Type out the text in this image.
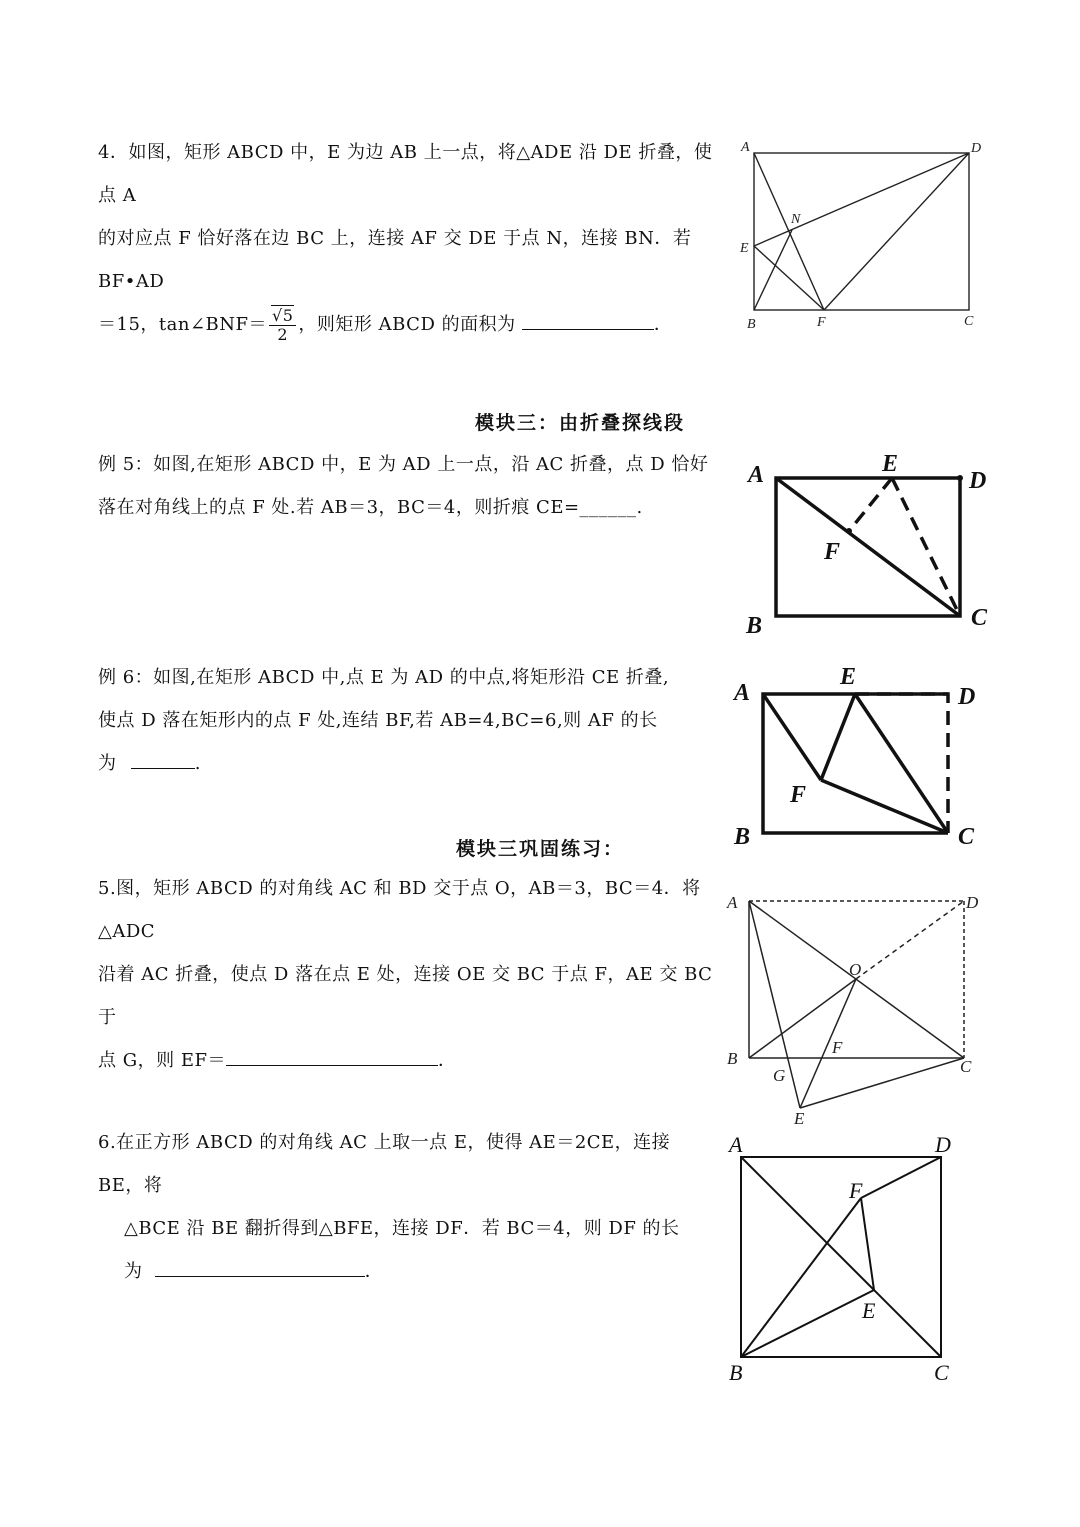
4．如图，矩形 ABCD 中，E 为边 AB 上一点，将△ADE 沿 DE 折叠，使点 A
的对应点 F 恰好落在边 BC 上，连接 AF 交 DE 于点 N，连接 BN．若 BF•AD
＝15，tan∠BNF＝ $\frac{√5}{2}$ ，则矩形 ABCD 的面积为	．
A	D
N
E
B	F	C
模块三：由折叠探线段
例 5：如图,在矩形 ABCD 中，E 为 AD 上一点，沿 AC 折叠，点 D 恰好
落在对角线上的点 F 处.若 AB＝3，BC＝4，则折痕 CE=______.
A	E
D
F
B	C
例 6：如图,在矩形 ABCD 中,点 E 为 AD 的中点,将矩形沿 CE 折叠,
使点 D 落在矩形内的点 F 处,连结 BF,若 AB=4,BC=6,则 AF 的长
为	.
A
E
D
F
B	C
模块三巩固练习：
5.图，矩形 ABCD 的对角线 AC 和 BD 交于点 O，AB＝3，BC＝4．将△ADC
沿着 AC 折叠，使点 D 落在点 E 处，连接 OE 交 BC 于点 F，AE 交 BC 于
点 G，则 EF＝	．
A	D
O
F
B
G	C
E
6.在正方形 ABCD 的对角线 AC 上取一点 E，使得 AE＝2CE，连接 BE，将
△BCE 沿 BE 翻折得到△BFE，连接 DF．若 BC＝4，则 DF 的长
为	．
A	D
F
E
B	C
